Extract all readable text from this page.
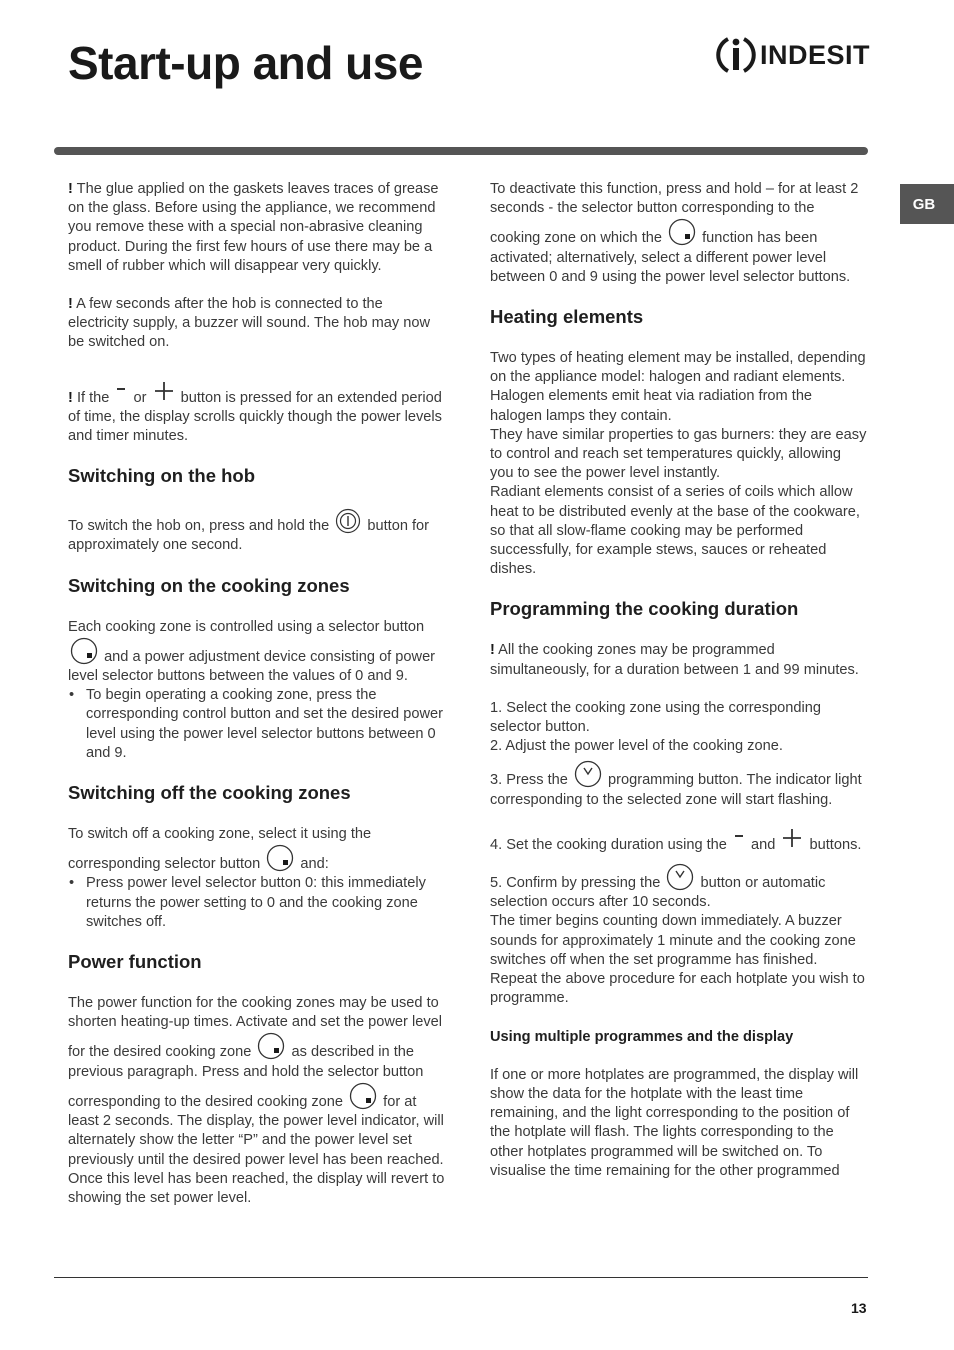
Start-up and use	INDESIT
GB

! The glue applied on the gaskets leaves traces of grease on the glass. Before using the appliance, we recommend you remove these with a special non-abrasive cleaning product. During the first few hours of use there may be a smell of rubber which will disappear very quickly.

! A few seconds after the hob is connected to the electricity supply, a buzzer will sound. The hob may now be switched on.

! If the or button is pressed for an extended period of time, the display scrolls quickly though the power levels and timer minutes.

Switching on the hob

To switch the hob on, press and hold the	button for approximately one second.

Switching on the cooking zones

Each cooking zone is controlled using a selector button  and a power adjustment device consisting of power level selector buttons between the values of 0 and 9.

• To begin operating a cooking zone, press the corresponding control button and set the desired power level using the power level selector buttons between 0 and 9.
Switching off the cooking zones

To switch off a cooking zone, select it using the corresponding selector button	and:

• Press power level selector button 0: this immediately returns the power setting to 0 and the cooking zone switches off.
Power function

The power function for the cooking zones may be used to shorten heating-up times. Activate and set the power level for the desired cooking zone	as described in the previous paragraph. Press and hold the selector button corresponding to the desired cooking zone	for at least 2 seconds. The display, the power level indicator, will alternately show the letter “P” and the power level set previously until the desired power level has been reached. Once this level has been reached, the display will revert to showing the set power level.

To deactivate this function, press and hold – for at least 2 seconds - the selector button corresponding to the cooking zone on which the	function has been activated; alternatively, select a different power level between 0 and 9 using the power level selector buttons.

Heating elements

Two types of heating element may be installed, depending on the appliance model: halogen and radiant elements.
Halogen elements emit heat via radiation from the halogen lamps they contain.
They have similar properties to gas burners: they are easy to control and reach set temperatures quickly, allowing you to see the power level instantly.
Radiant elements consist of a series of coils which allow heat to be distributed evenly at the base of the cookware, so that all slow-flame cooking may be performed successfully, for example stews, sauces or reheated dishes.

Programming the cooking duration

! All the cooking zones may be programmed simultaneously, for a duration between 1 and 99 minutes.

1. Select the cooking zone using the corresponding selector button.

2. Adjust the power level of the cooking zone.

3. Press the	programming button. The indicator light corresponding to the selected zone will start flashing.

4. Set the cooking duration using the and buttons.

5. Confirm by pressing the	button or automatic selection occurs after 10 seconds.

The timer begins counting down immediately. A buzzer sounds for approximately 1 minute and the cooking zone switches off when the set programme has finished. Repeat the above procedure for each hotplate you wish to programme.

Using multiple programmes and the display

If one or more hotplates are programmed, the display will show the data for the hotplate with the least time remaining, and the light corresponding to the position of the hotplate will flash. The lights corresponding to the other hotplates programmed will be switched on. To visualise the time remaining for the other programmed

13
